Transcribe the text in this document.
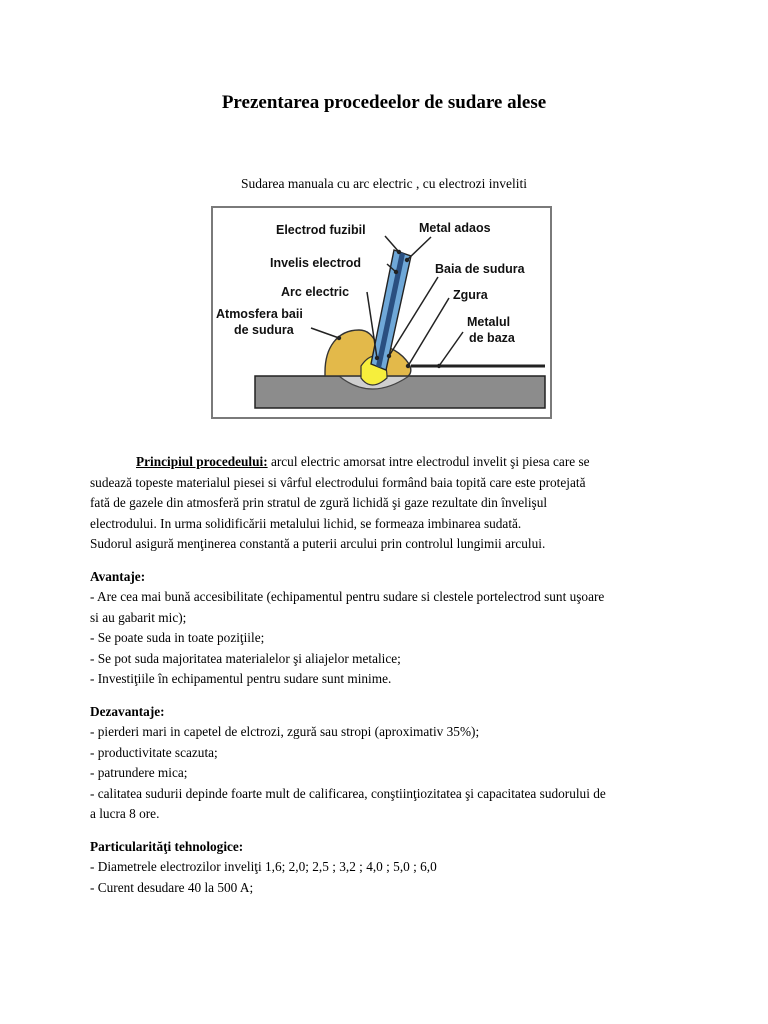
Prezentarea procedeelor de sudare alese

Sudarea manuala cu arc electric , cu electrozi inveliti

Electrod fuzibil	Metal adaos
Invelis electrod	Baia de sudura
Arc electric	Zgura
Atmosfera baii
de sudura
Metalul
de baza
Principiul procedeului: arcul electric amorsat intre electrodul invelit şi piesa care se
sudează topeste materialul piesei si vârful electrodului formând baia topită care este protejată
fată de gazele din atmosferă prin stratul de zgură lichidă şi gaze rezultate din învelişul
electrodului. In urma solidificării metalului lichid, se formeaza imbinarea sudată.
Sudorul asigură menţinerea constantă a puterii arcului prin controlul lungimii arcului.
Avantaje:
- Are cea mai bună accesibilitate (echipamentul pentru sudare si clestele portelectrod sunt uşoare
si au gabarit mic);
- Se poate suda in toate poziţiile;
- Se pot suda majoritatea materialelor şi aliajelor metalice;
- Investiţiile în echipamentul pentru sudare sunt minime.
Dezavantaje:
- pierderi mari in capetel de elctrozi, zgură sau stropi (aproximativ 35%);
- productivitate scazuta;
- patrundere mica;
- calitatea sudurii depinde foarte mult de calificarea, conştiinţiozitatea şi capacitatea sudorului de
a lucra 8 ore.
Particularităţi tehnologice:
- Diametrele electrozilor inveliţi 1,6; 2,0; 2,5 ; 3,2 ; 4,0 ; 5,0 ; 6,0
- Curent desudare 40 la 500 A;
